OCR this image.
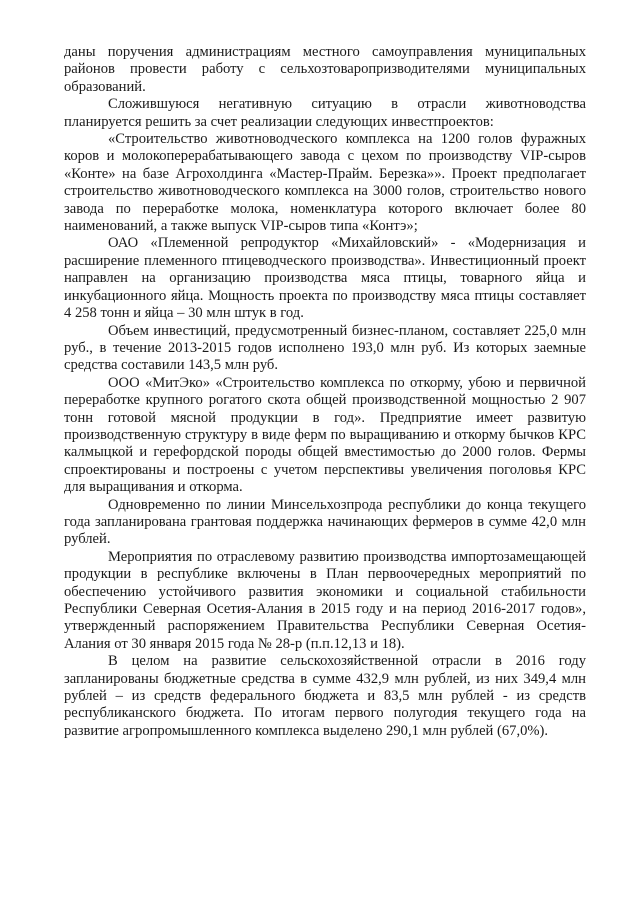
даны поручения администрациям местного самоуправления муниципальных районов провести работу с сельхозтоваропризводителями муниципальных образований.

Сложившуюся негативную ситуацию в отрасли животноводства планируется решить за счет реализации следующих инвестпроектов:

«Строительство животноводческого комплекса на 1200 голов фуражных коров и молокоперерабатывающего завода с цехом по производству VIP-сыров «Конте» на базе Агрохолдинга «Мастер-Прайм. Березка»». Проект предполагает строительство животноводческого комплекса на 3000 голов, строительство нового завода по переработке молока, номенклатура которого включает более 80 наименований, а также выпуск VIP-сыров типа «Контэ»;

ОАО «Племенной репродуктор «Михайловский» - «Модернизация и расширение племенного птицеводческого производства». Инвестиционный проект направлен на организацию производства мяса птицы, товарного яйца и инкубационного яйца. Мощность проекта по производству мяса птицы составляет 4 258 тонн и яйца – 30 млн штук в год.

Объем инвестиций, предусмотренный бизнес-планом, составляет 225,0 млн руб., в течение 2013-2015 годов исполнено 193,0 млн руб. Из которых заемные средства составили 143,5 млн руб.

ООО «МитЭко» «Строительство комплекса по откорму, убою и первичной переработке крупного рогатого скота общей производственной мощностью 2 907 тонн готовой мясной продукции в год». Предприятие имеет развитую производственную структуру в виде ферм по выращиванию и откорму бычков КРС калмыцкой и герефордской породы общей вместимостью до 2000 голов. Фермы спроектированы и построены с учетом перспективы увеличения поголовья КРС для выращивания и откорма.

Одновременно по линии Минсельхозпрода республики до конца текущего года запланирована грантовая поддержка начинающих фермеров в сумме 42,0 млн рублей.

Мероприятия по отраслевому развитию производства импортозамещающей продукции в республике включены в План первоочередных мероприятий по обеспечению устойчивого развития экономики и социальной стабильности Республики Северная Осетия-Алания в 2015 году и на период 2016-2017 годов», утвержденный распоряжением Правительства Республики Северная Осетия-Алания от 30 января 2015 года № 28-р (п.п.12,13 и 18).

В целом на развитие сельскохозяйственной отрасли в 2016 году запланированы бюджетные средства в сумме 432,9 млн рублей, из них 349,4 млн рублей – из средств федерального бюджета и 83,5 млн рублей - из средств республиканского бюджета. По итогам первого полугодия текущего года на развитие агропромышленного комплекса выделено 290,1 млн рублей (67,0%).
